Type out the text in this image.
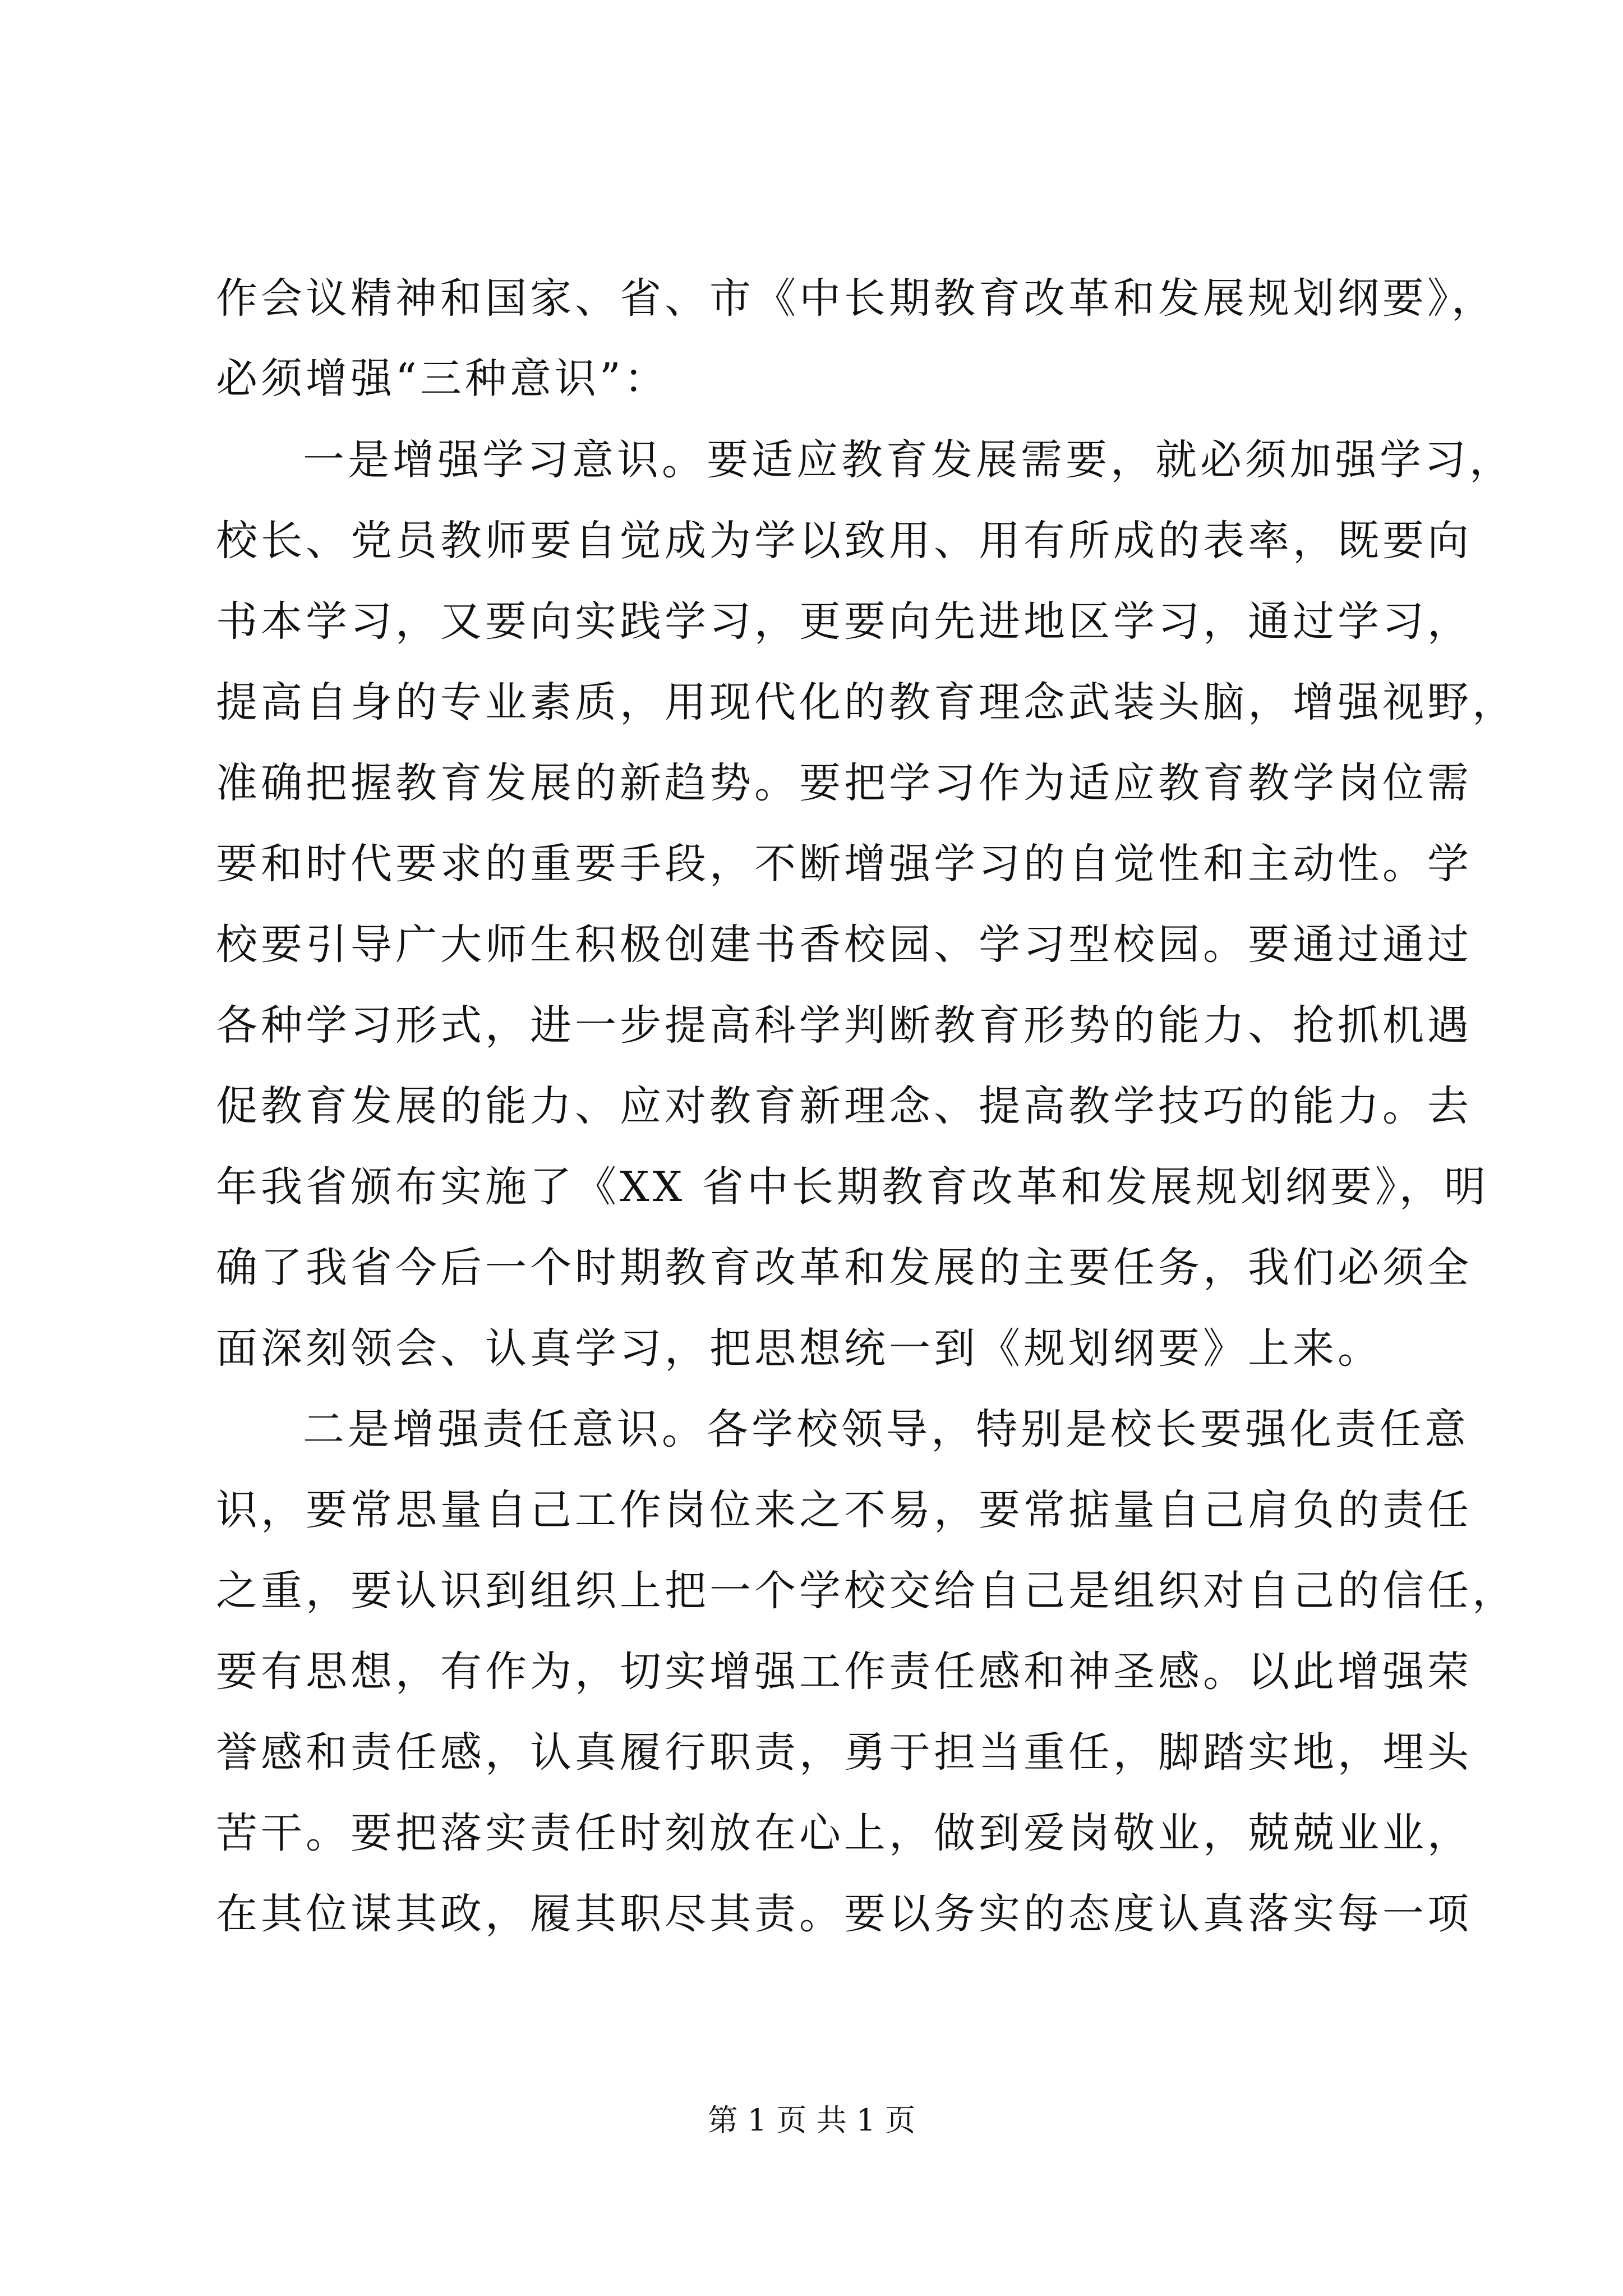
作会议精神和国家、省、市《中长期教育改革和发展规划纲要》，

必须增强“三种意识”：

一是增强学习意识。要适应教育发展需要，就必须加强学习，

校长、党员教师要自觉成为学以致用、用有所成的表率，既要向

书本学习，又要向实践学习，更要向先进地区学习，通过学习，

提高自身的专业素质，用现代化的教育理念武装头脑，增强视野，

准确把握教育发展的新趋势。要把学习作为适应教育教学岗位需

要和时代要求的重要手段，不断增强学习的自觉性和主动性。学

校要引导广大师生积极创建书香校园、学习型校园。要通过通过

各种学习形式，进一步提高科学判断教育形势的能力、抢抓机遇

促教育发展的能力、应对教育新理念、提高教学技巧的能力。去

年我省颁布实施了《XX 省中长期教育改革和发展规划纲要》，明

确了我省今后一个时期教育改革和发展的主要任务，我们必须全

面深刻领会、认真学习，把思想统一到《规划纲要》上来。

二是增强责任意识。各学校领导，特别是校长要强化责任意

识，要常思量自己工作岗位来之不易，要常掂量自己肩负的责任

之重，要认识到组织上把一个学校交给自己是组织对自己的信任，

要有思想，有作为，切实增强工作责任感和神圣感。以此增强荣

誉感和责任感，认真履行职责，勇于担当重任，脚踏实地，埋头

苦干。要把落实责任时刻放在心上，做到爱岗敬业，兢兢业业，

在其位谋其政，履其职尽其责。要以务实的态度认真落实每一项

第 1 页 共 1 页
